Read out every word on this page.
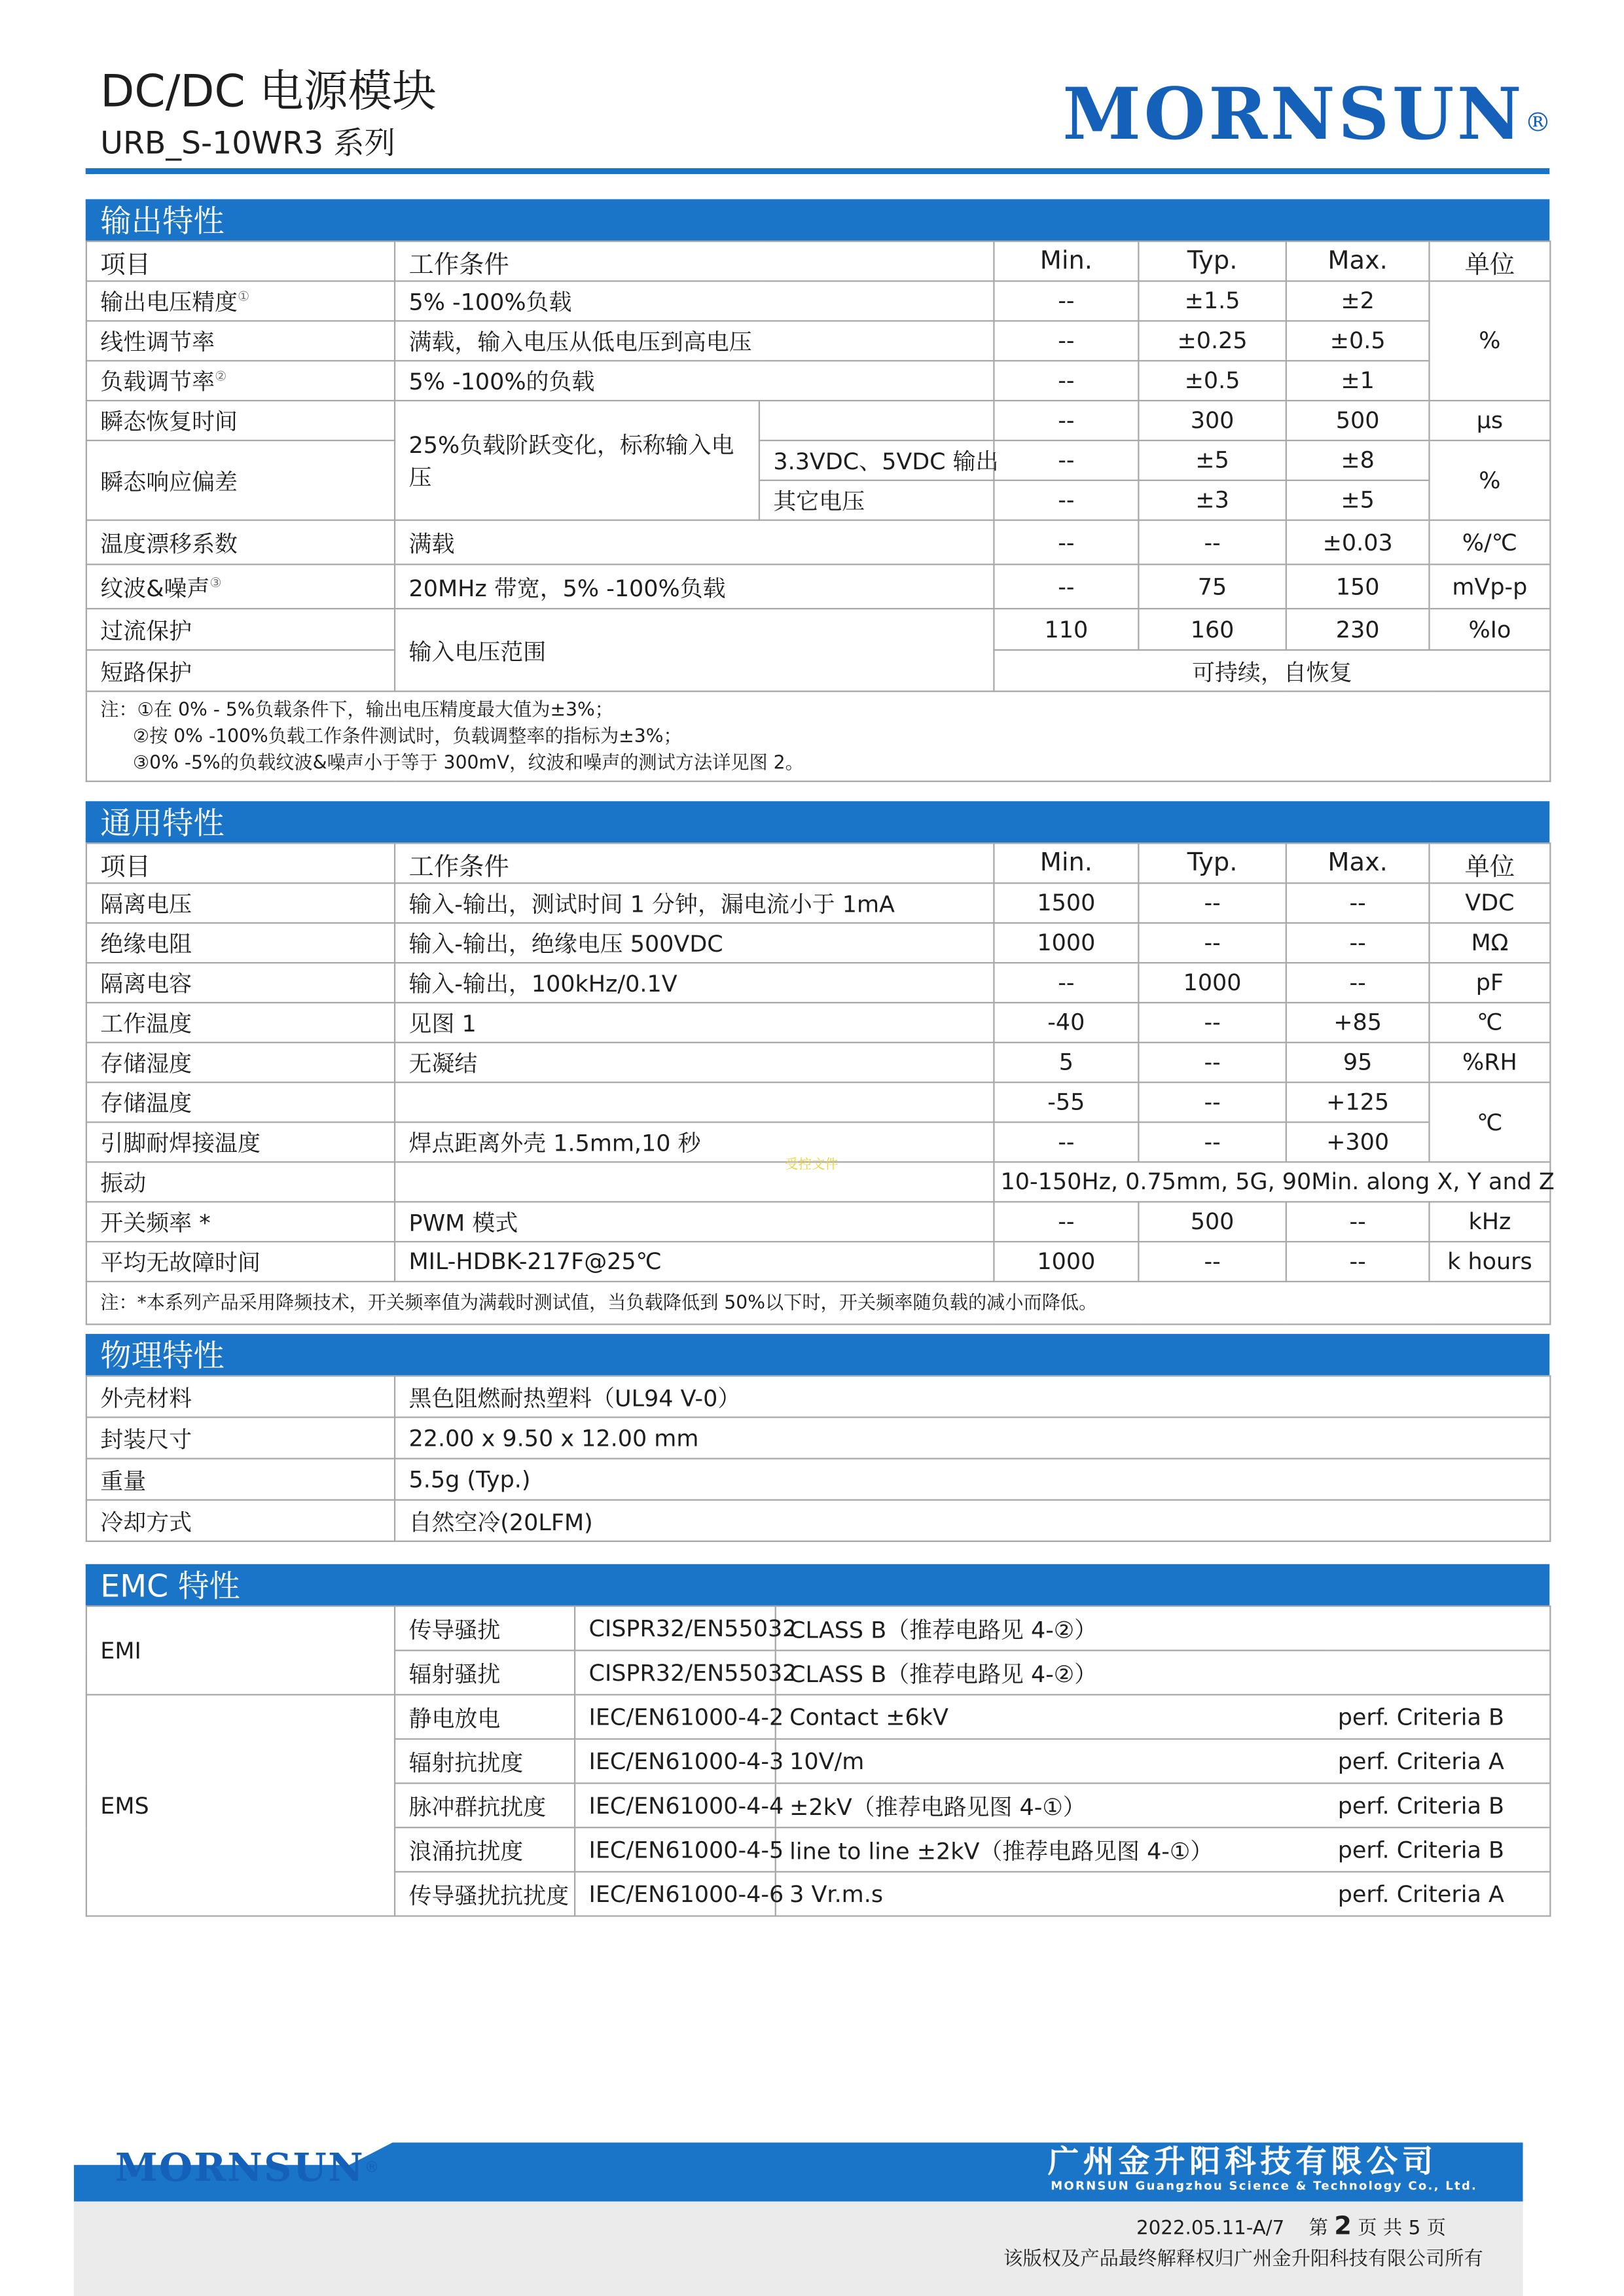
DC/DC 电源模块
URB_S-10WR3 系列	MORNSUN®
输出特性
项目	工作条件		Min.	Typ.	Max.	单位
输出电压精度①	5% -100%负载		--	±1.5	±2	%
线性调节率	满载，输入电压从低电压到高电压		--	±0.25	±0.5	
负载调节率②	5% -100%的负载		--	±0.5	±1	
瞬态恢复时间	25%负载阶跃变化，标称输入电压		--	300	500	μs
瞬态响应偏差		3.3VDC、5VDC 输出	--	±5	±8	%
		其它电压	--	±3	±5	
温度漂移系数	满载		--	--	±0.03	%/℃
纹波&噪声③	20MHz 带宽，5% -100%负载		--	75	150	mVp-p
过流保护	输入电压范围		110	160	230	%Io
短路保护			可持续，自恢复			

注：①在 0% - 5%负载条件下，输出电压精度最大值为±3%；
②按 0% -100%负载工作条件测试时，负载调整率的指标为±3%；
③0% -5%的负载纹波&噪声小于等于 300mV，纹波和噪声的测试方法详见图 2。						
通用特性
项目	工作条件	Min.	Typ.	Max.	单位
隔离电压	输入-输出，测试时间 1 分钟，漏电流小于 1mA	1500	--	--	VDC
绝缘电阻	输入-输出，绝缘电压 500VDC	1000	--	--	MΩ
隔离电容	输入-输出，100kHz/0.1V	--	1000	--	pF
工作温度	见图 1	-40	--	+85	℃
存储湿度	无凝结	5	--	95	%RH
存储温度		-55	--	+125	℃
引脚耐焊接温度	焊点距离外壳 1.5mm,10 秒	--	--	+300	
振动		10-150Hz, 0.75mm, 5G, 90Min. along X, Y and Z			
开关频率 *	PWM 模式	--	500	--	kHz
平均无故障时间	MIL-HDBK-217F@25℃	1000	--	--	k hours
注：*本系列产品采用降频技术，开关频率值为满载时测试值，当负载降低到 50%以下时，开关频率随负载的减小而降低。					
受控文件
物理特性
外壳材料	黑色阻燃耐热塑料（UL94 V-0）
封装尺寸	22.00 x 9.50 x 12.00 mm
重量	5.5g (Typ.)
冷却方式	自然空冷(20LFM)
EMC 特性
EMI	传导骚扰	CISPR32/EN55032	CLASS B（推荐电路见 4-②）	
	辐射骚扰	CISPR32/EN55032	CLASS B（推荐电路见 4-②）	
EMS	静电放电	IEC/EN61000-4-2	Contact ±6kV	perf. Criteria B
	辐射抗扰度	IEC/EN61000-4-3	10V/m	perf. Criteria A
	脉冲群抗扰度	IEC/EN61000-4-4	±2kV（推荐电路见图 4-①）	perf. Criteria B
	浪涌抗扰度	IEC/EN61000-4-5	line to line ±2kV（推荐电路见图 4-①）	perf. Criteria B
	传导骚扰抗扰度	IEC/EN61000-4-6	3 Vr.m.s	perf. Criteria A
MORNSUN®	广州金升阳科技有限公司
MORNSUN Guangzhou Science & Technology Co., Ltd.
2022.05.11-A/7	第 2 页 共 5 页
该版权及产品最终解释权归广州金升阳科技有限公司所有
